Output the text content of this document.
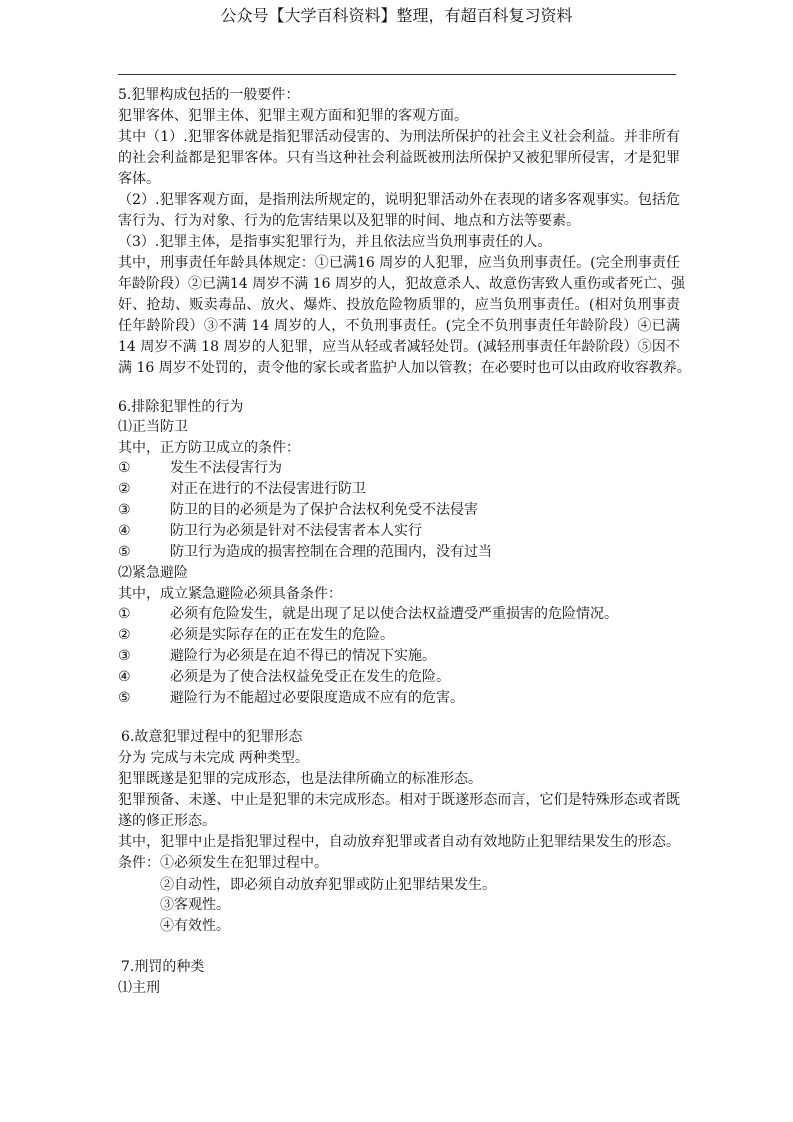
公众号【大学百科资料】整理，有超百科复习资料
5.犯罪构成包括的一般要件：
犯罪客体、犯罪主体、犯罪主观方面和犯罪的客观方面。
其中（1）.犯罪客体就是指犯罪活动侵害的、为刑法所保护的社会主义社会利益。并非所有
的社会利益都是犯罪客体。只有当这种社会利益既被刑法所保护又被犯罪所侵害，才是犯罪
客体。
（2）.犯罪客观方面，是指刑法所规定的，说明犯罪活动外在表现的诸多客观事实。包括危
害行为、行为对象、行为的危害结果以及犯罪的时间、地点和方法等要素。
（3）.犯罪主体，是指事实犯罪行为，并且依法应当负刑事责任的人。
其中，刑事责任年龄具体规定：①已满16 周岁的人犯罪，应当负刑事责任。(完全刑事责任
年龄阶段）②已满14 周岁不满 16 周岁的人，犯故意杀人、故意伤害致人重伤或者死亡、强
奸、抢劫、贩卖毒品、放火、爆炸、投放危险物质罪的，应当负刑事责任。(相对负刑事责
任年龄阶段）③不满 14 周岁的人，不负刑事责任。(完全不负刑事责任年龄阶段）④已满
14 周岁不满 18 周岁的人犯罪，应当从轻或者减轻处罚。(减轻刑事责任年龄阶段）⑤因不
满 16 周岁不处罚的，责令他的家长或者监护人加以管教；在必要时也可以由政府收容教养。
6.排除犯罪性的行为
⑴正当防卫
其中，正方防卫成立的条件：
①	发生不法侵害行为
②	对正在进行的不法侵害进行防卫
③	防卫的目的必须是为了保护合法权利免受不法侵害
④	防卫行为必须是针对不法侵害者本人实行
⑤	防卫行为造成的损害控制在合理的范围内，没有过当
⑵紧急避险
其中，成立紧急避险必须具备条件：
①	必须有危险发生，就是出现了足以使合法权益遭受严重损害的危险情况。
②	必须是实际存在的正在发生的危险。
③	避险行为必须是在迫不得已的情况下实施。
④	必须是为了使合法权益免受正在发生的危险。
⑤	避险行为不能超过必要限度造成不应有的危害。
6.故意犯罪过程中的犯罪形态
分为 完成与未完成 两种类型。
犯罪既遂是犯罪的完成形态，也是法律所确立的标准形态。
犯罪预备、未遂、中止是犯罪的未完成形态。相对于既遂形态而言，它们是特殊形态或者既
遂的修正形态。
其中，犯罪中止是指犯罪过程中，自动放弃犯罪或者自动有效地防止犯罪结果发生的形态。
条件：①必须发生在犯罪过程中。
②自动性，即必须自动放弃犯罪或防止犯罪结果发生。
③客观性。
④有效性。
7.刑罚的种类
⑴主刑
